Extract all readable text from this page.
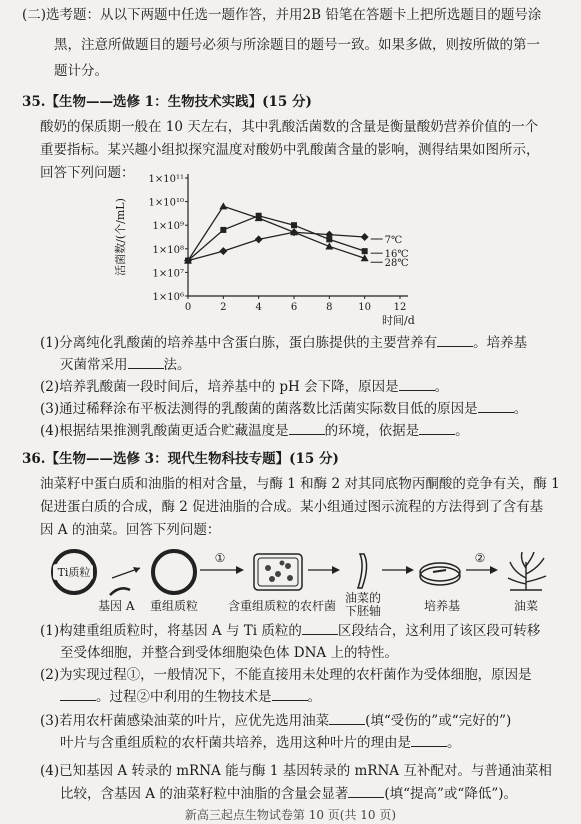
(二)选考题：从以下两题中任选一题作答，并用2B 铅笔在答题卡上把所选题目的题号涂
黑，注意所做题目的题号必须与所涂题目的题号一致。如果多做，则按所做的第一
题计分。
35.【生物——选修 1：生物技术实践】(15 分)
酸奶的保质期一般在 10 天左右，其中乳酸活菌数的含量是衡量酸奶营养价值的一个
重要指标。某兴趣小组拟探究温度对酸奶中乳酸菌含量的影响，测得结果如图所示，
回答下列问题：
1×10⁶
1×10⁷
1×10⁸
1×10⁹
1×10¹⁰
1×10¹¹
0	2	4	6	8	10 12
时间/d
活菌数/(个/mL)	7℃
16℃
28℃
(1)分离纯化乳酸菌的培养基中含蛋白胨，蛋白胨提供的主要营养有	。培养基
灭菌常采用	法。
(2)培养乳酸菌一段时间后，培养基中的 pH 会下降，原因是	。
(3)通过稀释涂布平板法测得的乳酸菌的菌落数比活菌实际数目低的原因是	。
(4)根据结果推测乳酸菌更适合贮藏温度是	的环境，依据是	。
36.【生物——选修 3：现代生物科技专题】(15 分)
油菜籽中蛋白质和油脂的相对含量，与酶 1 和酶 2 对其同底物丙酮酸的竞争有关，酶 1
促进蛋白质的合成，酶 2 促进油脂的合成。某小组通过图示流程的方法得到了含有基
因 A 的油菜。回答下列问题：
Ti质粒
①	②
基因 A 重组质粒 含重组质粒的农杆菌
油菜的
下胚轴	培养基	油菜
(1)构建重组质粒时，将基因 A 与 Ti 质粒的	区段结合，这利用了该区段可转移
至受体细胞，并整合到受体细胞染色体 DNA 上的特性。
(2)为实现过程①，一般情况下，不能直接用未处理的农杆菌作为受体细胞，原因是
。过程②中利用的生物技术是	。
(3)若用农杆菌感染油菜的叶片，应优先选用油菜	(填“受伤的”或“完好的”)
叶片与含重组质粒的农杆菌共培养，选用这种叶片的理由是	。
(4)已知基因 A 转录的 mRNA 能与酶 1 基因转录的 mRNA 互补配对。与普通油菜相
比较，含基因 A 的油菜籽粒中油脂的含量会显著	(填“提高”或“降低”)。
新高三起点生物试卷第 10 页(共 10 页)
